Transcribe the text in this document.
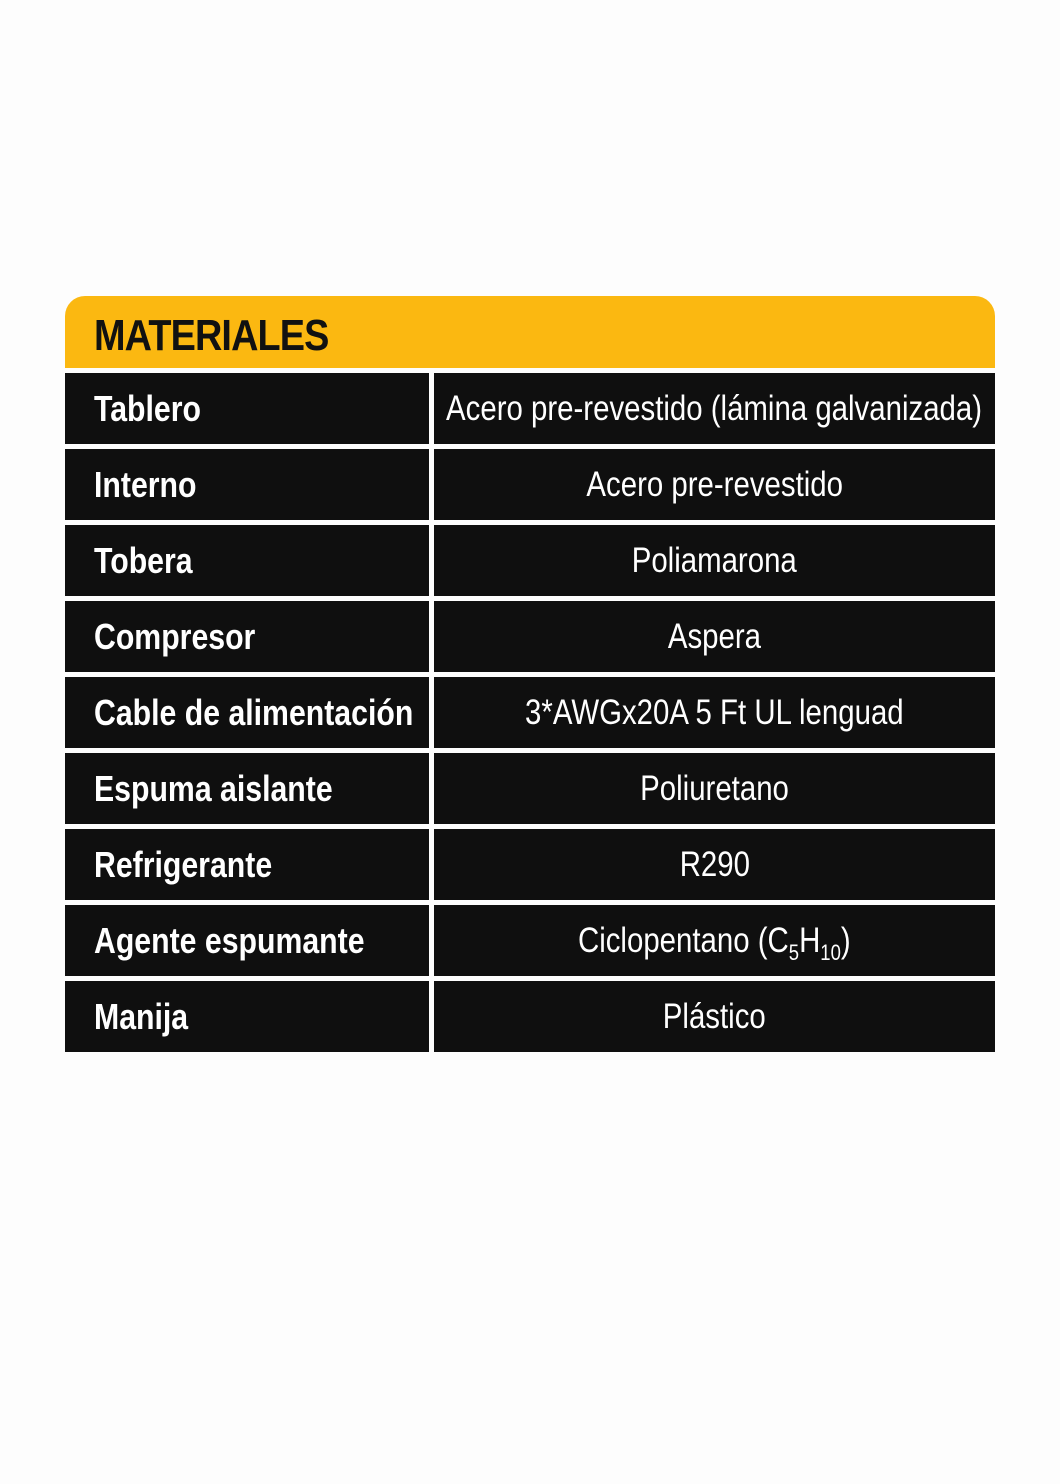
MATERIALES
Tablero	Acero pre-revestido (lámina galvanizada)
Interno	Acero pre-revestido
Tobera	Poliamarona
Compresor	Aspera
Cable de alimentación	3*AWGx20A 5 Ft UL lenguad
Espuma aislante	Poliuretano
Refrigerante	R290
Agente espumante	Ciclopentano $(C_5H_{10})$
Manija	Plástico
